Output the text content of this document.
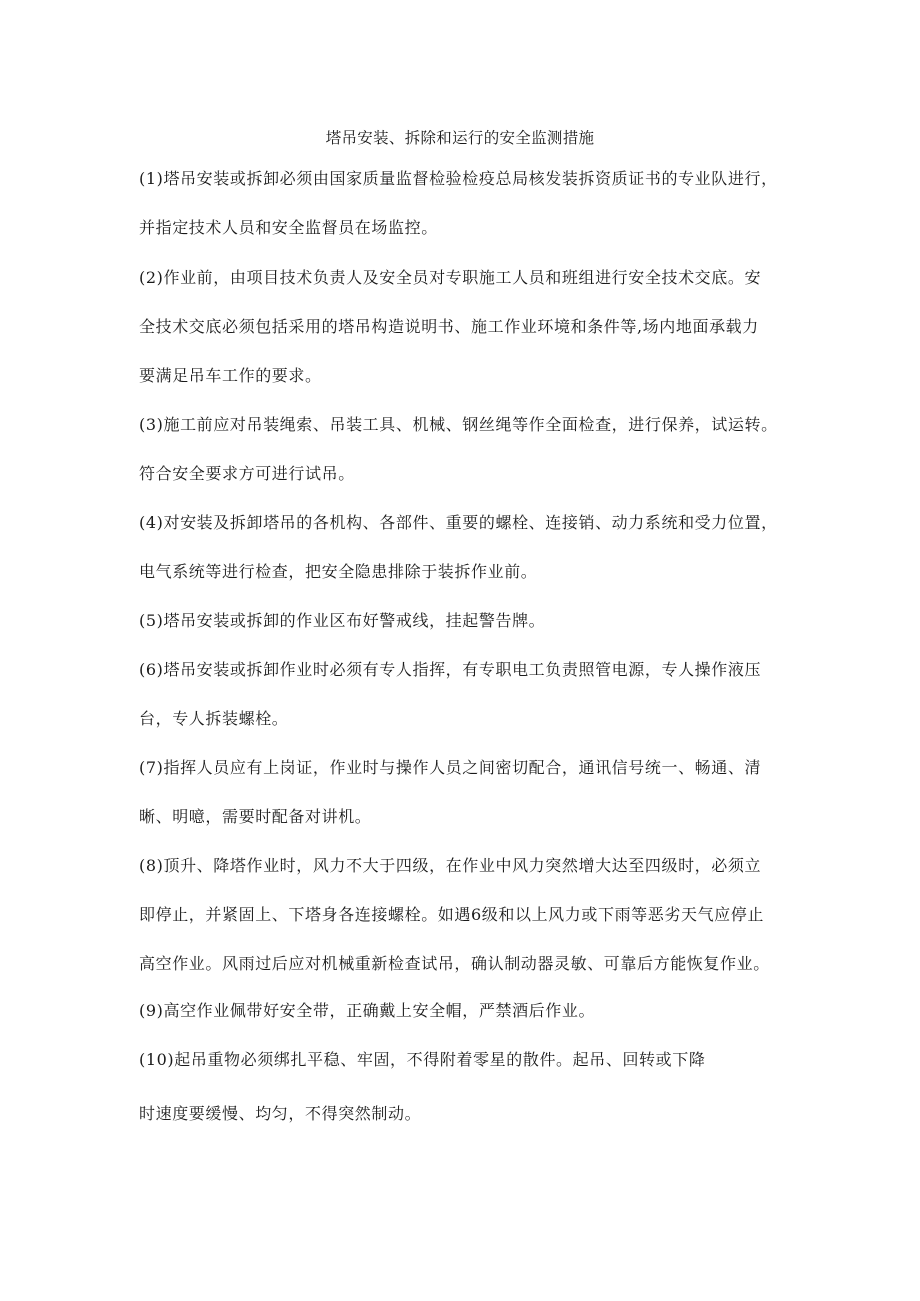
塔吊安装、拆除和运行的安全监测措施
(1)塔吊安装或拆卸必须由国家质量监督检验检疫总局核发装拆资质证书的专业队进行，
并指定技术人员和安全监督员在场监控。
(2)作业前，由项目技术负责人及安全员对专职施工人员和班组进行安全技术交底。安
全技术交底必须包括采用的塔吊构造说明书、施工作业环境和条件等,场内地面承载力
要满足吊车工作的要求。
(3)施工前应对吊装绳索、吊装工具、机械、钢丝绳等作全面检查，进行保养，试运转。
符合安全要求方可进行试吊。
(4)对安装及拆卸塔吊的各机构、各部件、重要的螺栓、连接销、动力系统和受力位置，
电气系统等进行检查，把安全隐患排除于装拆作业前。
(5)塔吊安装或拆卸的作业区布好警戒线，挂起警告牌。
(6)塔吊安装或拆卸作业时必须有专人指挥，有专职电工负责照管电源，专人操作液压
台，专人拆装螺栓。
(7)指挥人员应有上岗证，作业时与操作人员之间密切配合，通讯信号统一、畅通、清
晰、明噫，需要时配备对讲机。
(8)顶升、降塔作业时，风力不大于四级，在作业中风力突然增大达至四级时，必须立
即停止，并紧固上、下塔身各连接螺栓。如遇6级和以上风力或下雨等恶劣天气应停止
高空作业。风雨过后应对机械重新检查试吊，确认制动器灵敏、可靠后方能恢复作业。
(9)高空作业佩带好安全带，正确戴上安全帽，严禁酒后作业。
(10)起吊重物必须绑扎平稳、牢固，不得附着零星的散件。起吊、回转或下降
时速度要缓慢、均匀，不得突然制动。
